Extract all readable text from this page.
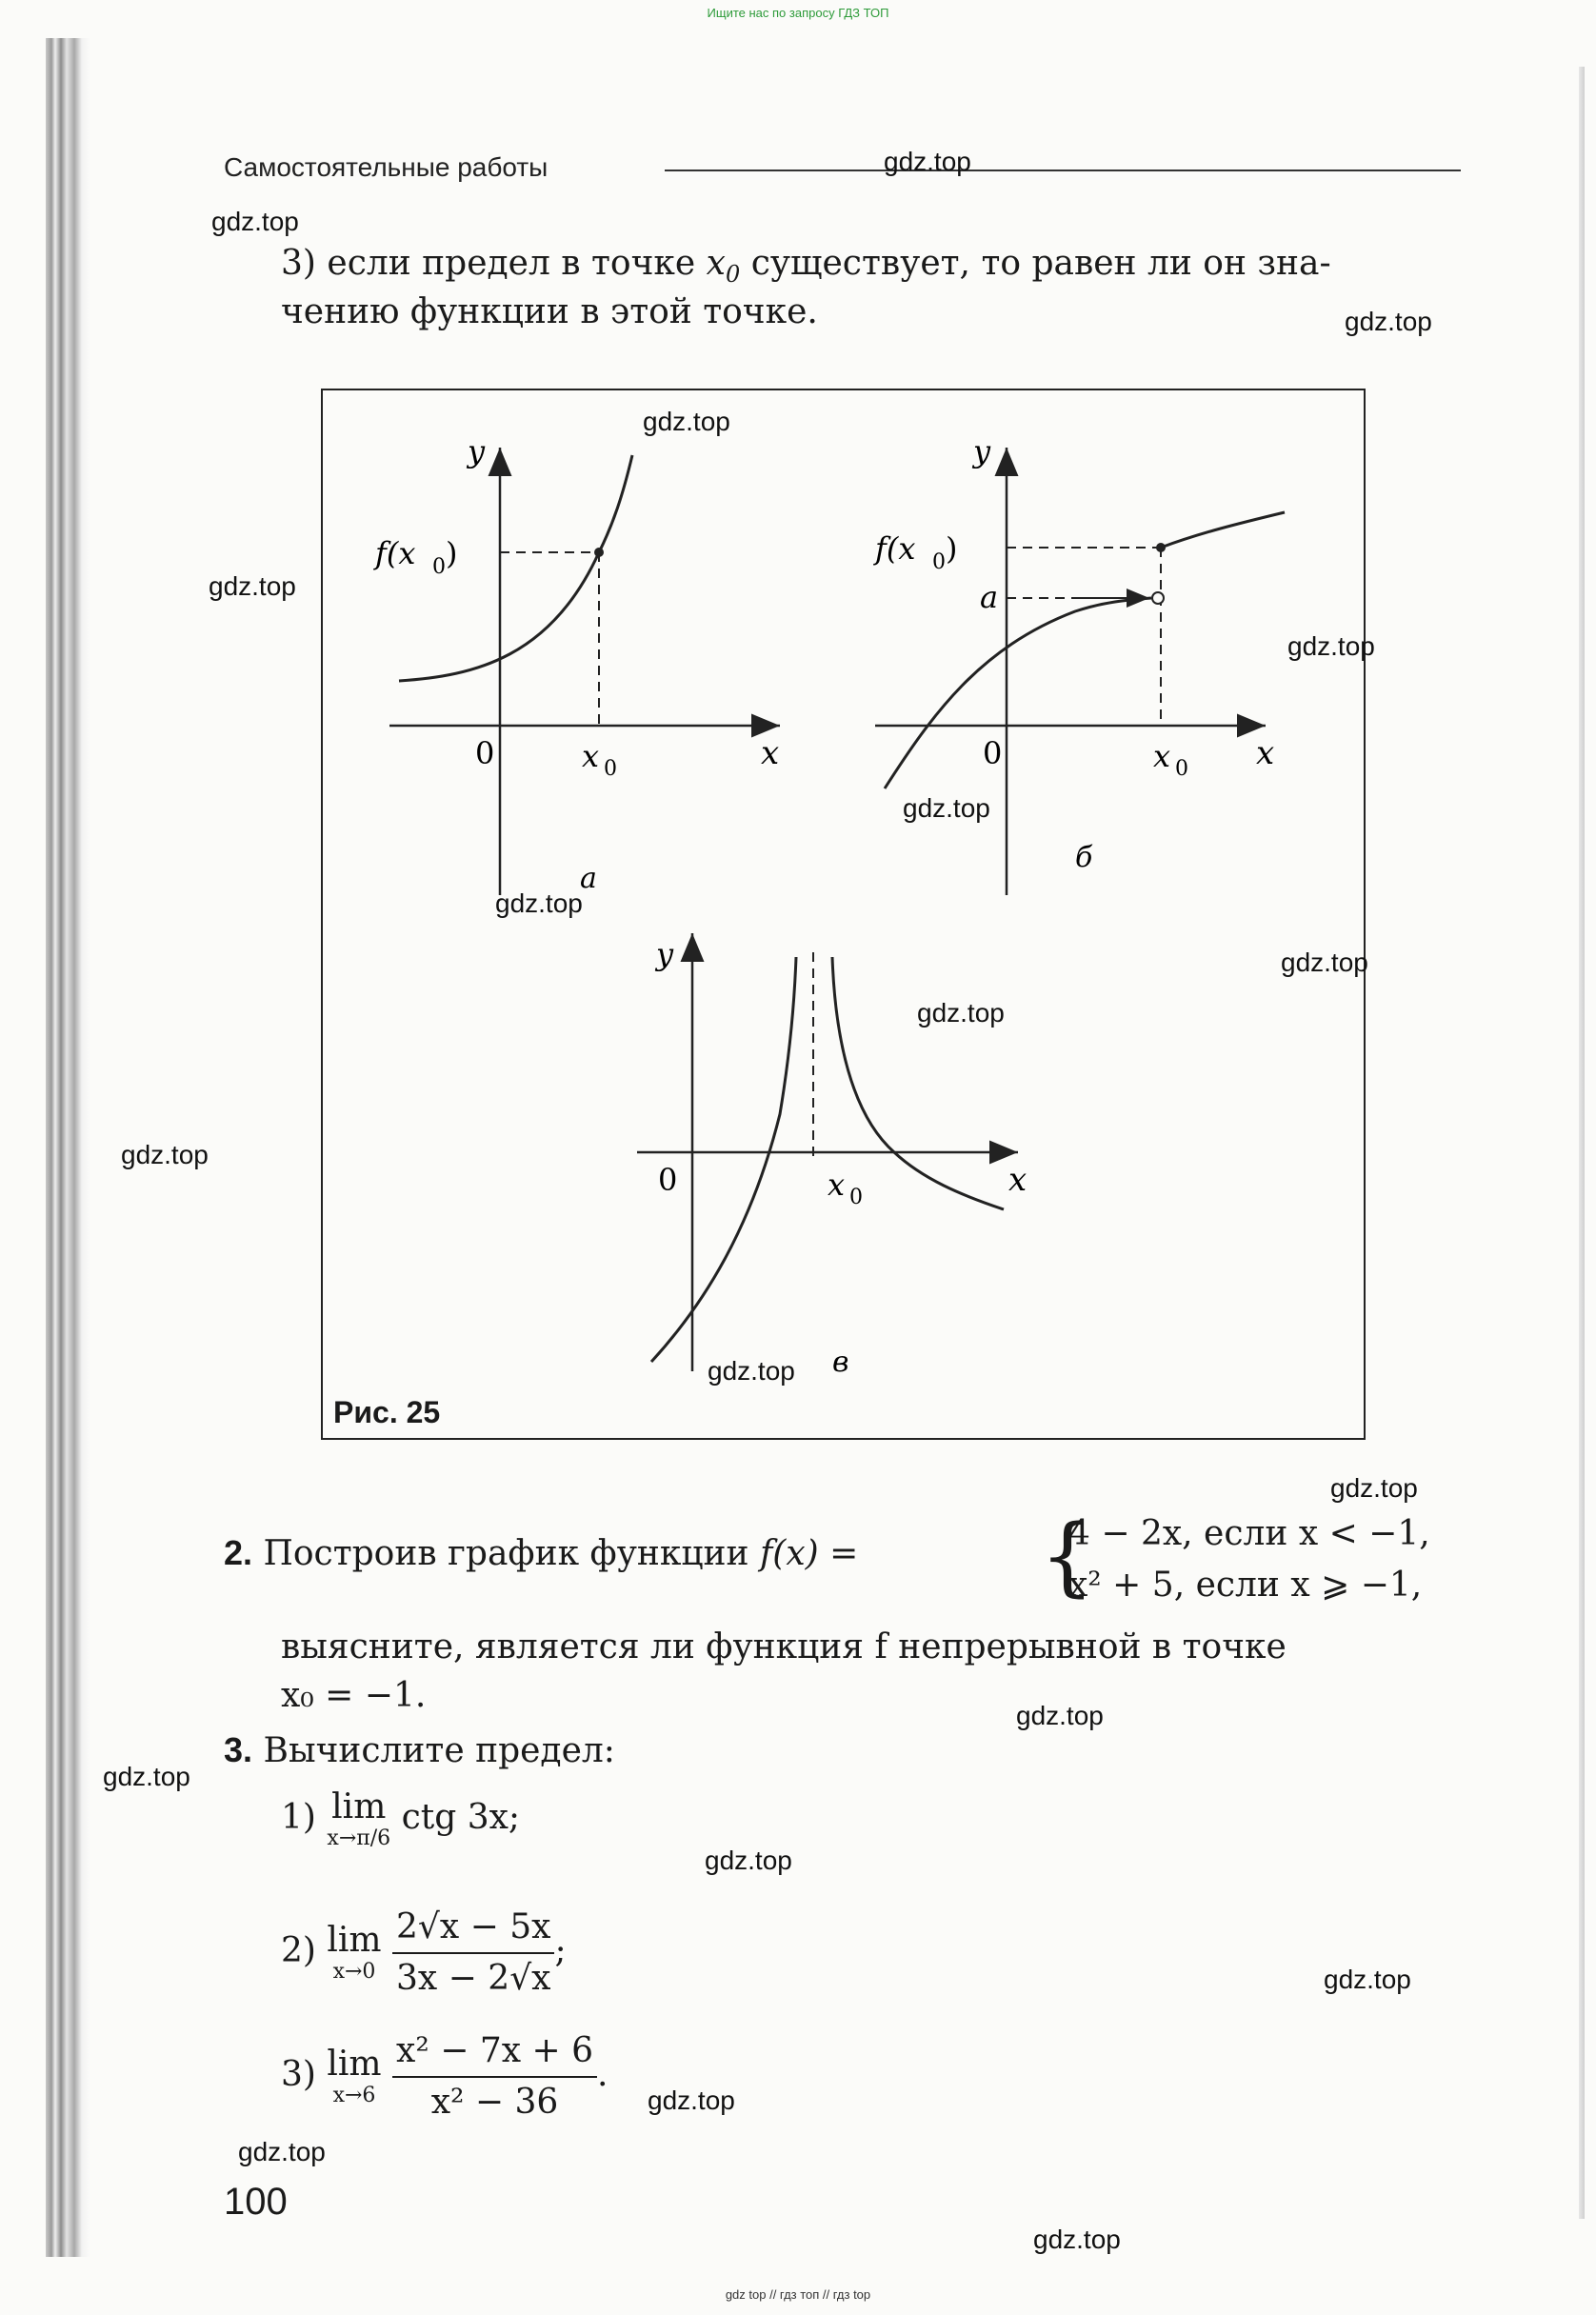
Ищите нас по запросу ГДЗ ТОП
Самостоятельные работы
3) если предел в точке $x_0$ существует, то равен ли он зна-
чению функции в этой точке.
y
x
0	x 0
f(x 0 )
а
y
x
0	x 0
f(x 0 )
a
б
y
x
0	x 0
в
Рис. 25
2. Построив график функции f(x) = {
4 − 2x, если x < −1,
x² + 5, если x ⩾ −1,
выясните, является ли функция f непрерывной в точке
x₀ = −1.
3. Вычислите предел:
1) lim
x→π/6
ctg 3x;
2) lim
x→0
$\frac{2√x - 5x}{3x - 2√x}$ ;
3) lim
x→6
$\frac{\text{x² − 7x + 6}}{\text{x² − 36}}$ .
100
gdz.top
gdz.top
gdz.top
gdz.top
gdz.top
gdz.top
gdz.top
gdz.top
gdz.top
gdz.top
gdz.top
gdz.top
gdz.top
gdz.top
gdz.top
gdz.top
gdz.top
gdz.top
gdz.top
gdz.top
gdz top // гдз топ // гдз top
